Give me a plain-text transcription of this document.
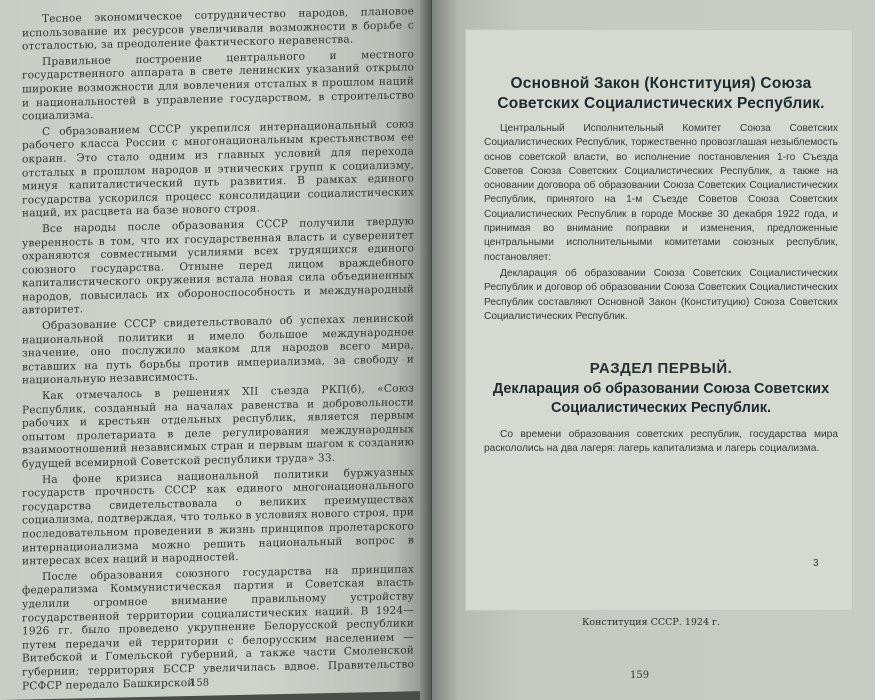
Тесное экономическое сотрудничество народов, плановое использование их ресурсов увеличивали возможности в борьбе с отсталостью, за преодоление фактического неравенства.

Правильное построение центрального и местного государственного аппарата в свете ленинских указаний открыло широкие возможности для вовлечения отсталых в прошлом наций и национальностей в управление государством, в строительство социализма.

С образованием СССР укрепился интернациональный союз рабочего класса России с многонациональным крестьянством ее окраин. Это стало одним из главных условий для перехода отсталых в прошлом народов и этнических групп к социализму, минуя капиталистический путь развития. В рамках единого государства ускорился процесс консолидации социалистических наций, их расцвета на базе нового строя.

Все народы после образования СССР получили твердую уверенность в том, что их государственная власть и суверенитет охраняются совместными усилиями всех трудящихся единого союзного государства. Отныне перед лицом враждебного капиталистического окружения встала новая сила объединенных народов, повысилась их обороноспособность и международный авторитет.

Образование СССР свидетельствовало об успехах ленинской национальной политики и имело большое международное значение, оно послужило маяком для народов всего мира, вставших на путь борьбы против империализма, за свободу и национальную независимость.

Как отмечалось в решениях XII съезда РКП(б), «Союз Республик, созданный на началах равенства и добровольности рабочих и крестьян отдельных республик, является первым опытом пролетариата в деле регулирования международных взаимоотношений независимых стран и первым шагом к созданию будущей всемирной Советской республики труда» 33.

На фоне кризиса национальной политики буржуазных государств прочность СССР как единого многонационального государства свидетельствовала о великих преимуществах социализма, подтверждая, что только в условиях нового строя, при последовательном проведении в жизнь принципов пролетарского интернационализма можно решить национальный вопрос в интересах всех наций и народностей.

После образования союзного государства на принципах федерализма Коммунистическая партия и Советская власть уделили огромное внимание правильному устройству государственной территории социалистических наций. В 1924—1926 гг. было проведено укрупнение Белорусской республики путем передачи ей территории с белорусским населением — Витебской и Гомельской губерний, а также части Смоленской губернии; территория БССР увеличилась вдвое. Правительство РСФСР передало Башкирской

158
Основной Закон (Конституция) Союза Советских Социалистических Республик.

Центральный Исполнительный Комитет Союза Советских Социалистических Республик, торжественно провозглашая незыблемость основ советской власти, во исполнение постановления 1-го Съезда Советов Союза Советских Социалистических Республик, а также на основании договора об образовании Союза Советских Социалистических Республик, принятого на 1-м Съезде Советов Союза Советских Социалистических Республик в городе Москве 30 декабря 1922 года, и принимая во внимание поправки и изменения, предложенные центральными исполнительными комитетами союзных республик, постановляет:

Декларация об образовании Союза Советских Социалистических Республик и договор об образовании Союза Советских Социалистических Республик составляют Основной Закон (Конституцию) Союза Советских Социалистических Республик.

РАЗДЕЛ ПЕРВЫЙ.
Декларация об образовании Союза Советских Социалистических Республик.

Со времени образования советских республик, государства мира раскололись на два лагеря: лагерь капитализма и лагерь социализма.

3
Конституция СССР. 1924 г.
159
